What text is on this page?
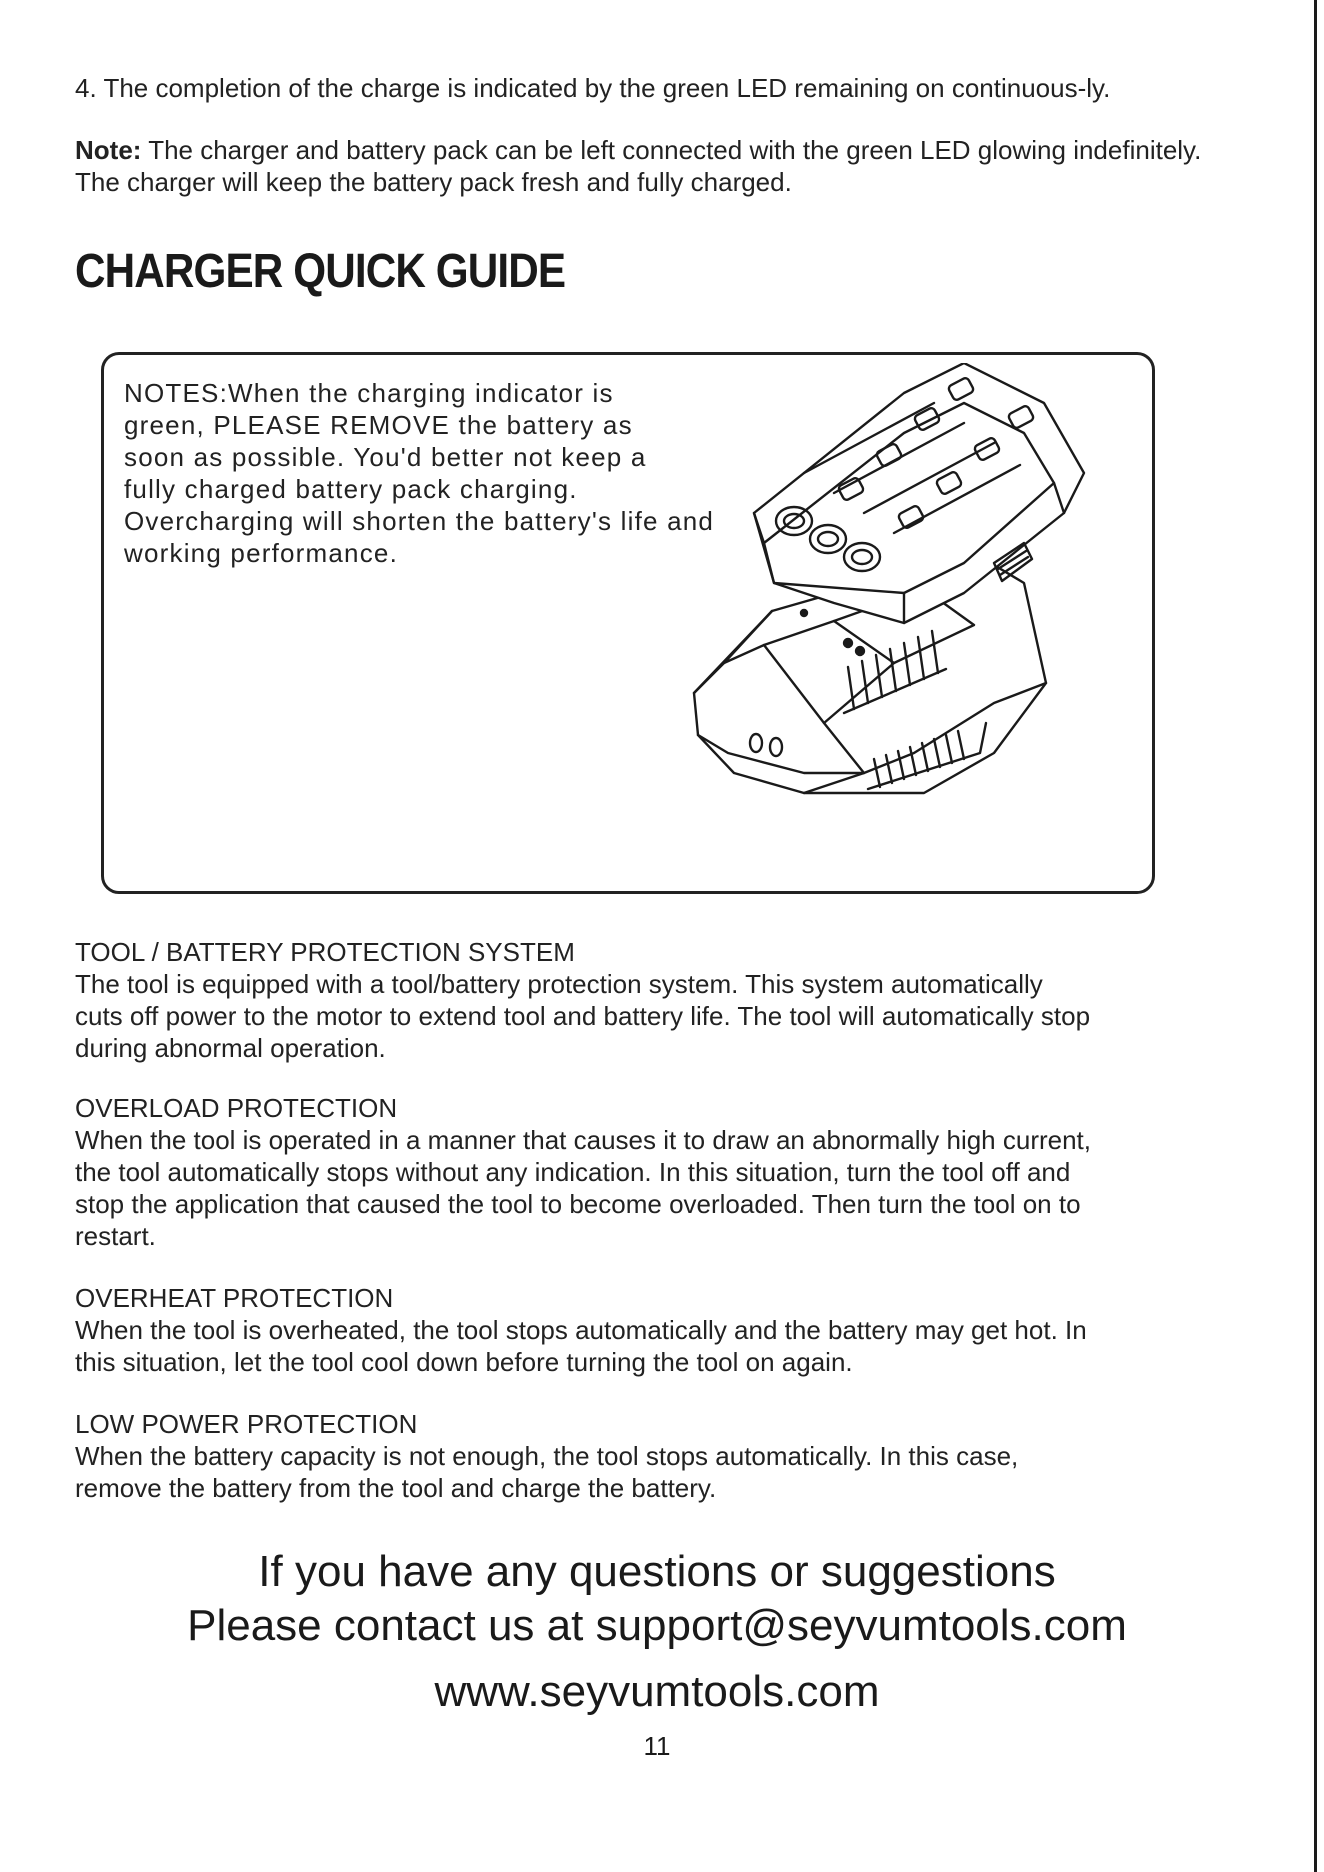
4. The completion of the charge is indicated by the green LED remaining on continuous-ly.

Note: The charger and battery pack can be left connected with the green LED glowing indefinitely. The charger will keep the battery pack fresh and fully charged.

CHARGER QUICK GUIDE

NOTES:When the charging indicator is
green, PLEASE REMOVE the battery as
soon as possible. You'd better not keep a
fully charged battery pack charging.
Overcharging will shorten the battery's life and
working performance.

TOOL / BATTERY PROTECTION SYSTEM

The tool is equipped with a tool/battery protection system. This system automatically

cuts off power to the motor to extend tool and battery life. The tool will automatically stop

during abnormal operation.

OVERLOAD PROTECTION

When the tool is operated in a manner that causes it to draw an abnormally high current,

the tool automatically stops without any indication. In this situation, turn the tool off and

stop the application that caused the tool to become overloaded. Then turn the tool on to

restart.

OVERHEAT PROTECTION

When the tool is overheated, the tool stops automatically and the battery may get hot. In

this situation, let the tool cool down before turning the tool on again.

LOW POWER PROTECTION

When the battery capacity is not enough, the tool stops automatically. In this case,

remove the battery from the tool and charge the battery.

If you have any questions or suggestions

Please contact us at support@seyvumtools.com

www.seyvumtools.com

11
